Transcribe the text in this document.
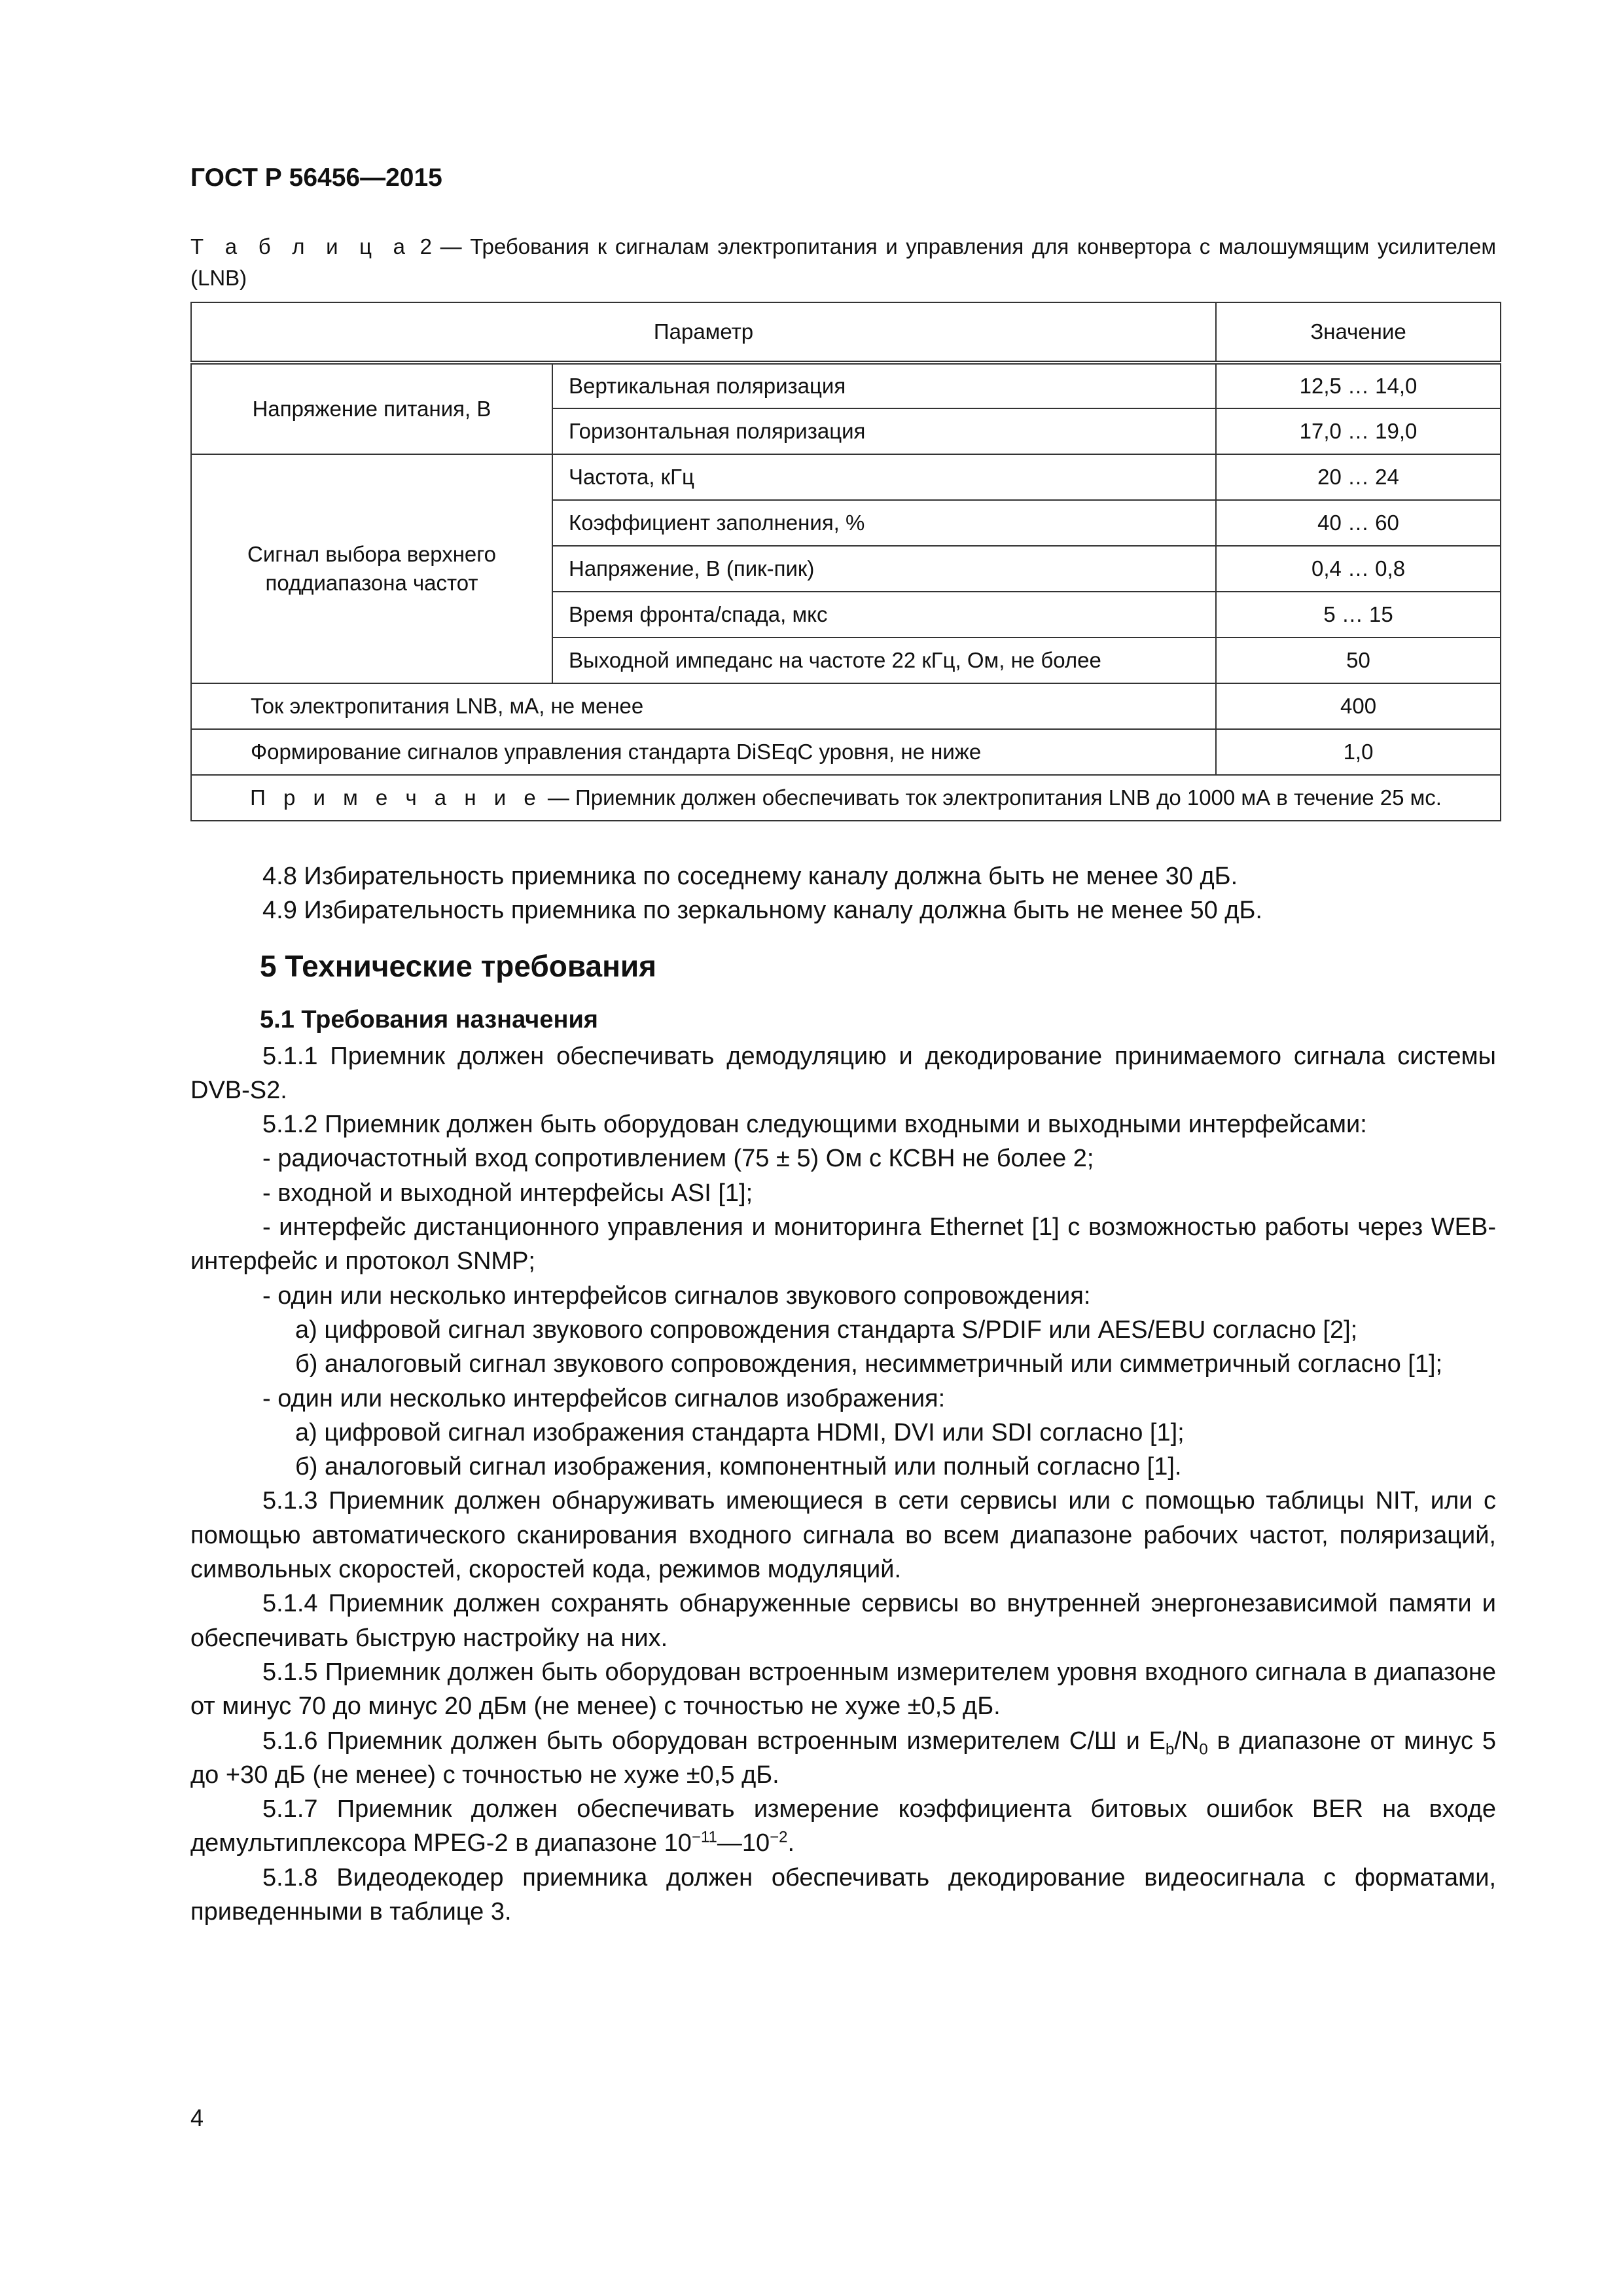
ГОСТ Р 56456—2015

Т а б л и ц а 2 — Требования к сигналам электропитания и управления для конвертора с малошумящим усилителем (LNB)

Параметр		Значение
Напряжение питания, В	Вертикальная поляризация	12,5 … 14,0
	Горизонтальная поляризация	17,0 … 19,0
Сигнал выбора верхнего поддиапазона частот	Частота, кГц	20 … 24
	Коэффициент заполнения, %	40 … 60
	Напряжение, В (пик-пик)	0,4 … 0,8
	Время фронта/спада, мкс	5 … 15
	Выходной импеданс на частоте 22 кГц, Ом, не более	50
Ток электропитания LNB, мА, не менее		400
Формирование сигналов управления стандарта DiSEqC уровня, не ниже		1,0
П р и м е ч а н и е — Приемник должен обеспечивать ток электропитания LNB до 1000 мА в течение 25 мс.		

4.8 Избирательность приемника по соседнему каналу должна быть не менее 30 дБ.

4.9 Избирательность приемника по зеркальному каналу должна быть не менее 50 дБ.

5 Технические требования
5.1 Требования назначения

5.1.1 Приемник должен обеспечивать демодуляцию и декодирование принимаемого сигнала системы DVB-S2.

5.1.2 Приемник должен быть оборудован следующими входными и выходными интерфейсами:

- радиочастотный вход сопротивлением (75 ± 5) Ом с КСВН не более 2;

- входной и выходной интерфейсы ASI [1];

- интерфейс дистанционного управления и мониторинга Ethernet [1] с возможностью работы через WEB-интерфейс и протокол SNMP;

- один или несколько интерфейсов сигналов звукового сопровождения:

а) цифровой сигнал звукового сопровождения стандарта S/PDIF или AES/EBU согласно [2];

б) аналоговый сигнал звукового сопровождения, несимметричный или симметричный согласно [1];

- один или несколько интерфейсов сигналов изображения:

а) цифровой сигнал изображения стандарта HDMI, DVI или SDI согласно [1];

б) аналоговый сигнал изображения, компонентный или полный согласно [1].

5.1.3 Приемник должен обнаруживать имеющиеся в сети сервисы или с помощью таблицы NIT, или с помощью автоматического сканирования входного сигнала во всем диапазоне рабочих частот, поляризаций, символьных скоростей, скоростей кода, режимов модуляций.

5.1.4 Приемник должен сохранять обнаруженные сервисы во внутренней энергонезависимой памяти и обеспечивать быструю настройку на них.

5.1.5 Приемник должен быть оборудован встроенным измерителем уровня входного сигнала в диапазоне от минус 70 до минус 20 дБм (не менее) с точностью не хуже ±0,5 дБ.

5.1.6 Приемник должен быть оборудован встроенным измерителем С/Ш и $E_b/N_0$ в диапазоне от минус 5 до +30 дБ (не менее) с точностью не хуже ±0,5 дБ.

5.1.7 Приемник должен обеспечивать измерение коэффициента битовых ошибок BER на входе демультиплексора MPEG-2 в диапазоне $10^{-11}—10^{-2}$.

5.1.8 Видеодекодер приемника должен обеспечивать декодирование видеосигнала с форматами, приведенными в таблице 3.

4
